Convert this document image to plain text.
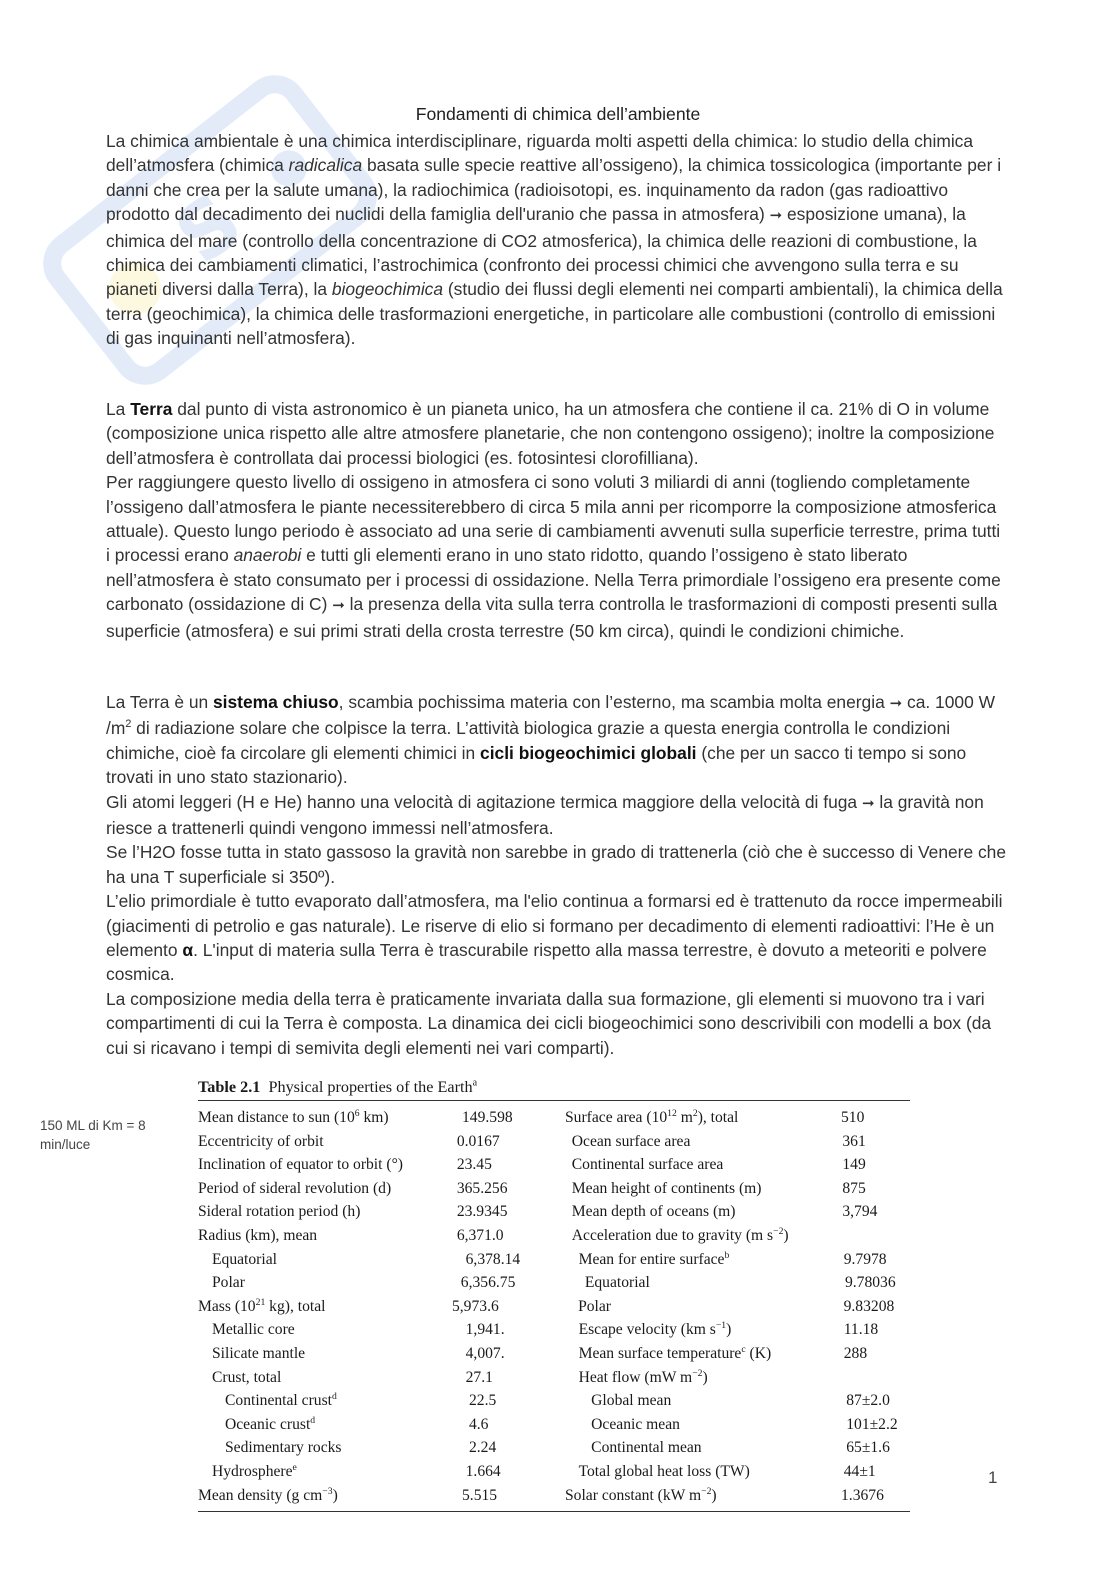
S
Fondamenti di chimica dell’ambiente

La chimica ambientale è una chimica interdisciplinare, riguarda molti aspetti della chimica: lo studio della chimica dell’atmosfera (chimica radicalica basata sulle specie reattive all’ossigeno), la chimica tossicologica (importante per i danni che crea per la salute umana), la radiochimica (radioisotopi, es. inquinamento da radon (gas radioattivo prodotto dal decadimento dei nuclidi della famiglia dell'uranio che passa in atmosfera) ➞ esposizione umana), la chimica del mare (controllo della concentrazione di CO2 atmosferica), la chimica delle reazioni di combustione, la chimica dei cambiamenti climatici, l’astrochimica (confronto dei processi chimici che avvengono sulla terra e su pianeti diversi dalla Terra), la biogeochimica (studio dei flussi degli elementi nei comparti ambientali), la chimica della terra (geochimica), la chimica delle trasformazioni energetiche, in particolare alle combustioni (controllo di emissioni di gas inquinanti nell’atmosfera).

La Terra dal punto di vista astronomico è un pianeta unico, ha un atmosfera che contiene il ca. 21% di O in volume (composizione unica rispetto alle altre atmosfere planetarie, che non contengono ossigeno); inoltre la composizione dell’atmosfera è controllata dai processi biologici (es. fotosintesi clorofilliana).
Per raggiungere questo livello di ossigeno in atmosfera ci sono voluti 3 miliardi di anni (togliendo completamente l’ossigeno dall’atmosfera le piante necessiterebbero di circa 5 mila anni per ricomporre la composizione atmosferica attuale). Questo lungo periodo è associato ad una serie di cambiamenti avvenuti sulla superficie terrestre, prima tutti i processi erano anaerobi e tutti gli elementi erano in uno stato ridotto, quando l’ossigeno è stato liberato nell’atmosfera è stato consumato per i processi di ossidazione. Nella Terra primordiale l’ossigeno era presente come carbonato (ossidazione di C) ➞ la presenza della vita sulla terra controlla le trasformazioni di composti presenti sulla superficie (atmosfera) e sui primi strati della crosta terrestre (50 km circa), quindi le condizioni chimiche.

La Terra è un sistema chiuso, scambia pochissima materia con l’esterno, ma scambia molta energia ➞ ca. 1000 W $/m^2$ di radiazione solare che colpisce la terra. L’attività biologica grazie a questa energia controlla le condizioni chimiche, cioè fa circolare gli elementi chimici in cicli biogeochimici globali (che per un sacco ti tempo si sono trovati in uno stato stazionario).
Gli atomi leggeri (H e He) hanno una velocità di agitazione termica maggiore della velocità di fuga ➞ la gravità non riesce a trattenerli quindi vengono immessi nell’atmosfera.
Se l’H2O fosse tutta in stato gassoso la gravità non sarebbe in grado di trattenerla (ciò che è successo di Venere che ha una T superficiale si 350º).
L’elio primordiale è tutto evaporato dall’atmosfera, ma l'elio continua a formarsi ed è trattenuto da rocce impermeabili (giacimenti di petrolio e gas naturale). Le riserve di elio si formano per decadimento di elementi radioattivi: l’He è un elemento α. L'input di materia sulla Terra è trascurabile rispetto alla massa terrestre, è dovuto a meteoriti e polvere cosmica.
La composizione media della terra è praticamente invariata dalla sua formazione, gli elementi si muovono tra i vari compartimenti di cui la Terra è composta. La dinamica dei cicli biogeochimici sono descrivibili con modelli a box (da cui si ricavano i tempi di semivita degli elementi nei vari comparti).

150 ML di Km = 8 min/luce
Table 2.1 Physical properties of the Earth$^a$
Mean distance to sun ($10^6$ km)	149.598	Surface area ($10^{12}$ $m^2$), total	510
Eccentricity of orbit	0.0167	Ocean surface area	361
Inclination of equator to orbit (°)	23.45	Continental surface area	149
Period of sideral revolution (d)	365.256	Mean height of continents (m)	875
Sideral rotation period (h)	23.9345	Mean depth of oceans (m)	3,794
Radius (km), mean	6,371.0	Acceleration due to gravity (m $s^{-2}$)
Equatorial	6,378.14	Mean for entire surface$^b$	9.7978
Polar	6,356.75	Equatorial	9.78036
Mass ($10^{21}$ kg), total	5,973.6	Polar	9.83208
Metallic core	1,941.	Escape velocity (km $s^{-1}$)	11.18
Silicate mantle	4,007.	Mean surface temperature$^c$ (K)	288
Crust, total	27.1	Heat flow (mW $m^{-2}$)
Continental crust$^d$	22.5	Global mean	87±2.0
Oceanic crust$^d$	4.6	Oceanic mean	101±2.2
Sedimentary rocks	2.24	Continental mean	65±1.6
Hydrosphere$^e$	1.664	Total global heat loss (TW)	44±1
Mean density (g $cm^{-3}$)	5.515	Solar constant (kW $m^{-2}$)	1.3676
1
